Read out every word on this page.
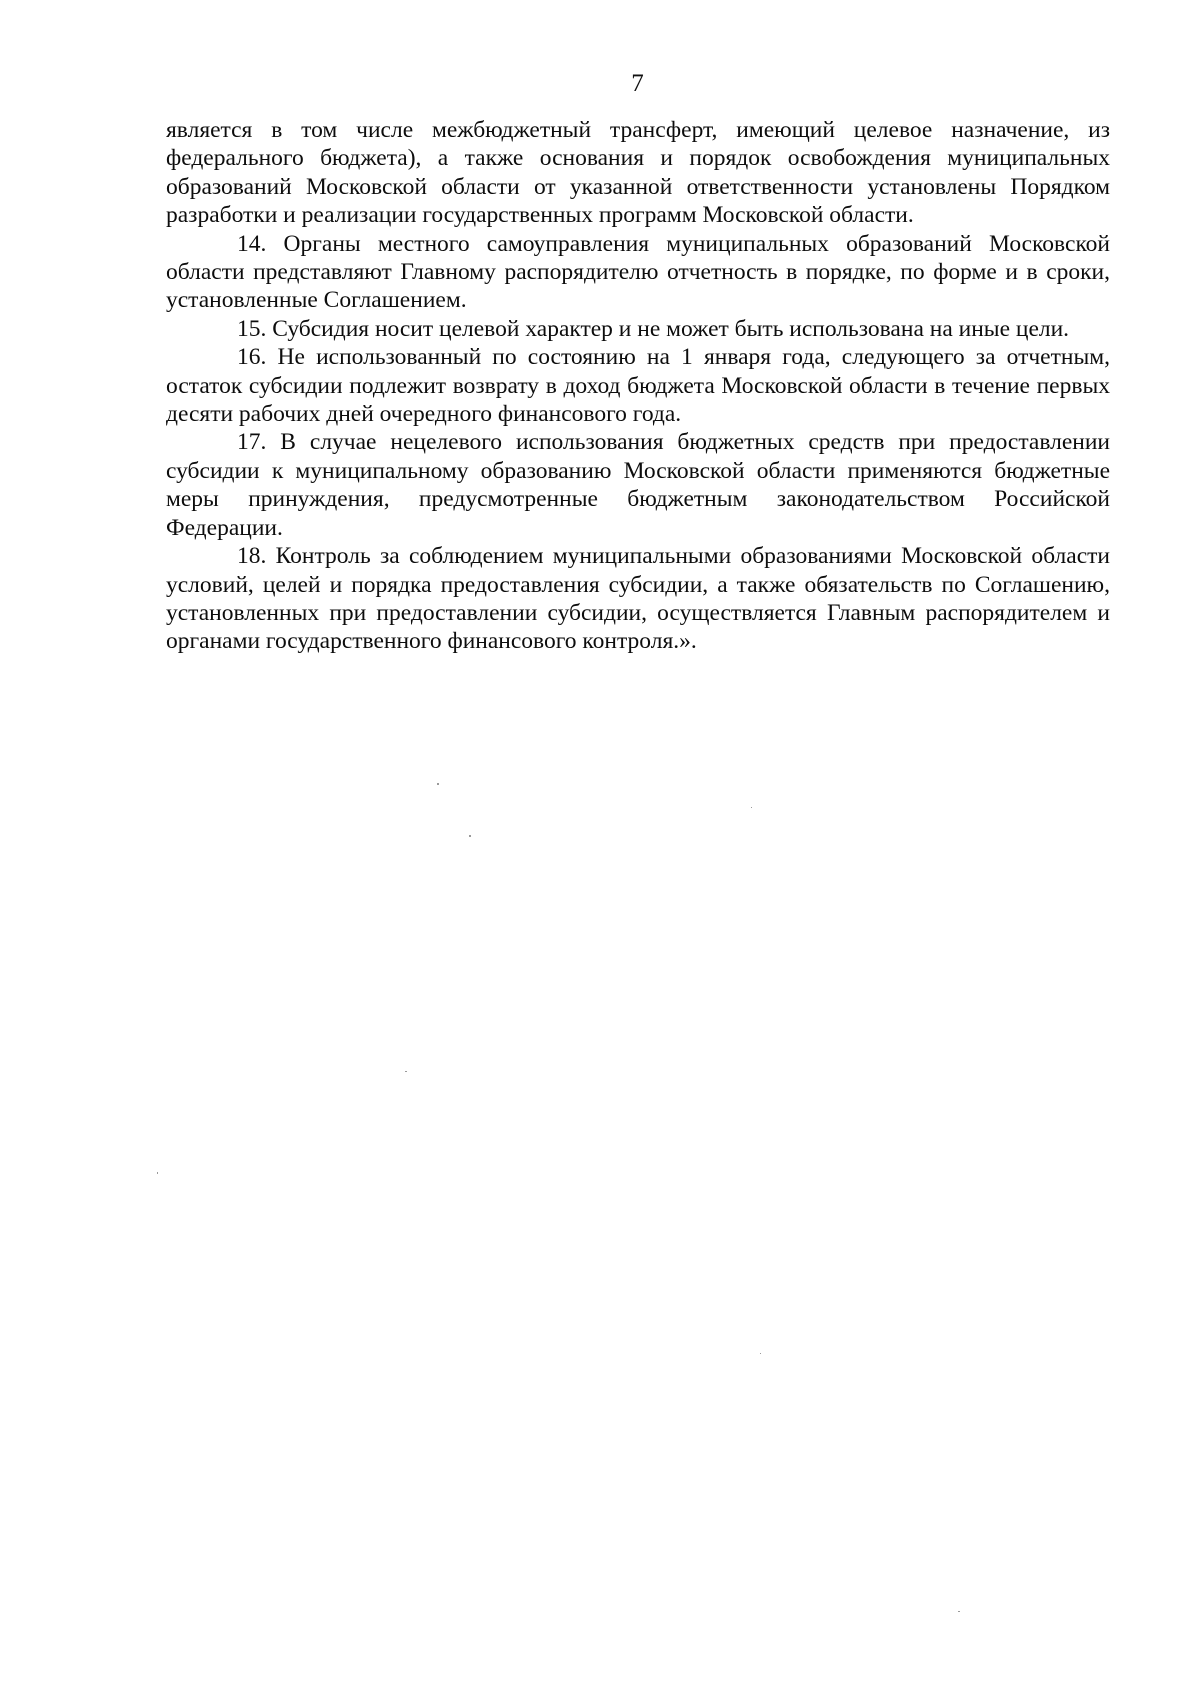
7

является в том числе межбюджетный трансферт, имеющий целевое назначение, из федерального бюджета), а также основания и порядок освобождения муниципальных образований Московской области от указанной ответственности установлены Порядком разработки и реализации государственных программ Московской области.

14. Органы местного самоуправления муниципальных образований Московской области представляют Главному распорядителю отчетность в порядке, по форме и в сроки, установленные Соглашением.

15. Субсидия носит целевой характер и не может быть использована на иные цели.

16. Не использованный по состоянию на 1 января года, следующего за отчетным, остаток субсидии подлежит возврату в доход бюджета Московской области в течение первых десяти рабочих дней очередного финансового года.

17. В случае нецелевого использования бюджетных средств при предоставлении субсидии к муниципальному образованию Московской области применяются бюджетные меры принуждения, предусмотренные бюджетным законодательством Российской Федерации.

18. Контроль за соблюдением муниципальными образованиями Московской области условий, целей и порядка предоставления субсидии, а также обязательств по Соглашению, установленных при предоставлении субсидии, осуществляется Главным распорядителем и органами государственного финансового контроля.».
